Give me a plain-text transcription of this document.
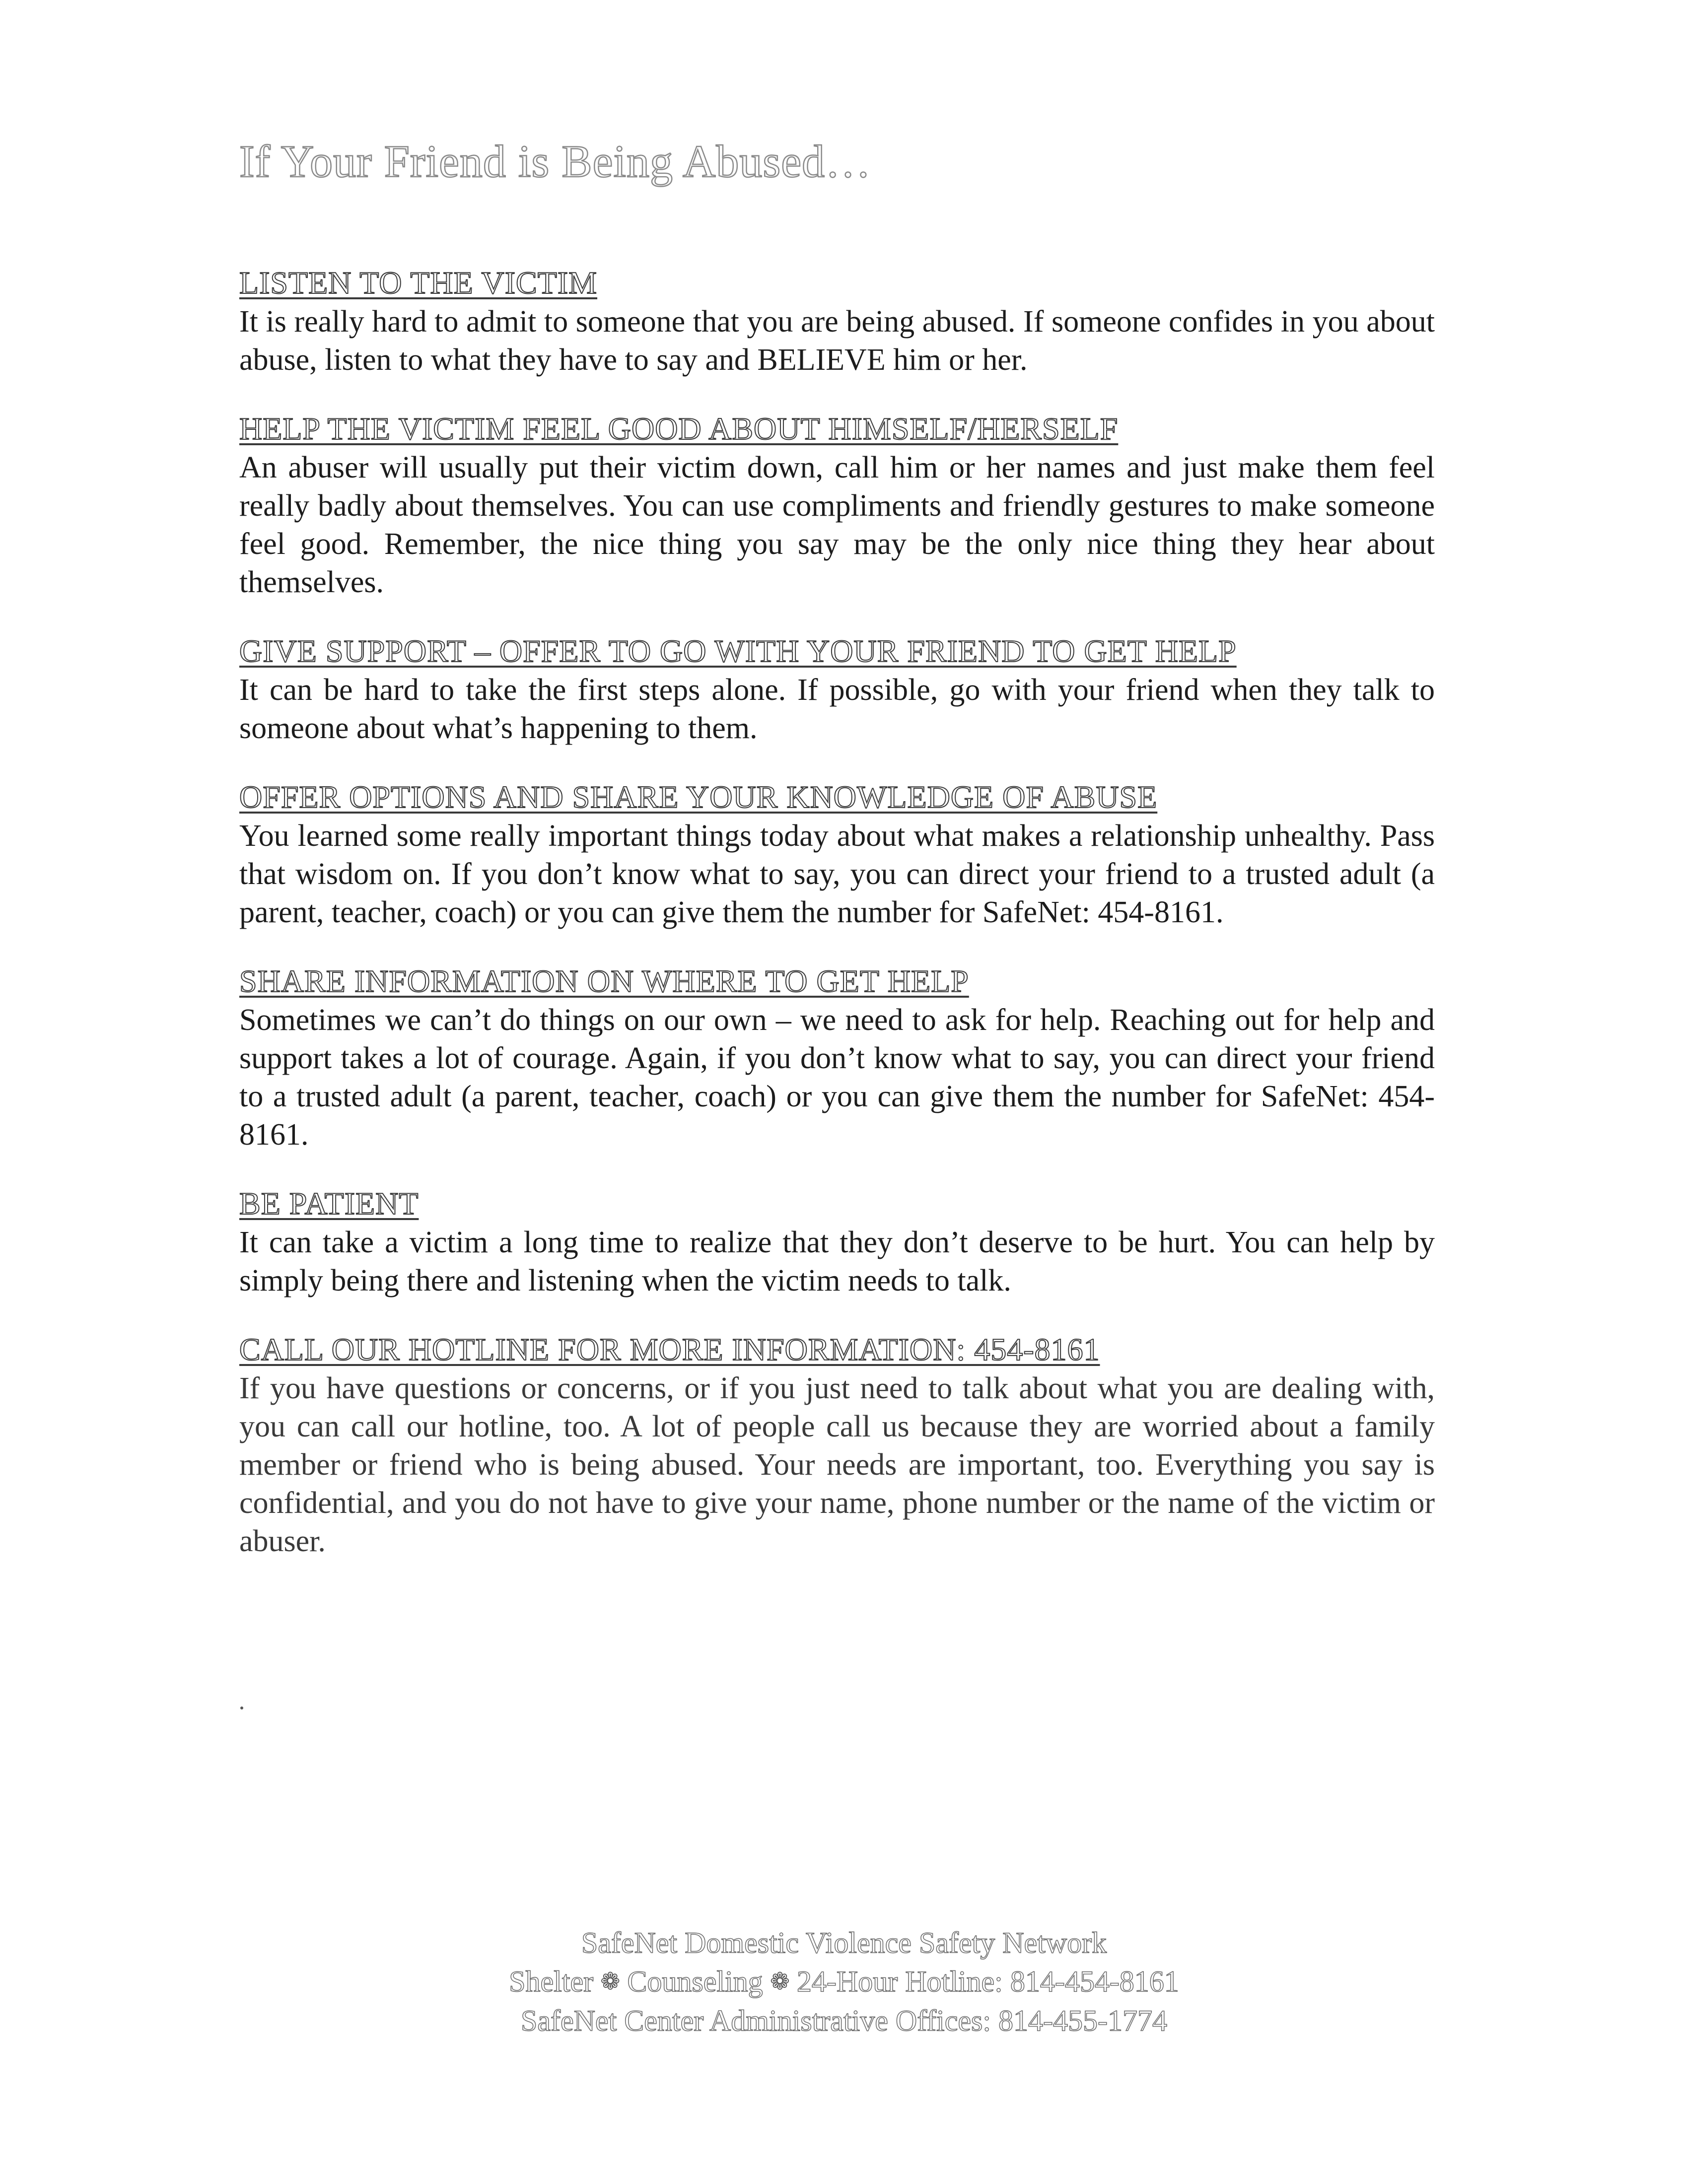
If Your Friend is Being Abused…
LISTEN TO THE VICTIM

It is really hard to admit to someone that you are being abused. If someone confides in you about abuse, listen to what they have to say and BELIEVE him or her.

HELP THE VICTIM FEEL GOOD ABOUT HIMSELF/HERSELF

An abuser will usually put their victim down, call him or her names and just make them feel really badly about themselves. You can use compliments and friendly gestures to make someone feel good. Remember, the nice thing you say may be the only nice thing they hear about themselves.

GIVE SUPPORT – OFFER TO GO WITH YOUR FRIEND TO GET HELP

It can be hard to take the first steps alone. If possible, go with your friend when they talk to someone about what’s happening to them.

OFFER OPTIONS AND SHARE YOUR KNOWLEDGE OF ABUSE

You learned some really important things today about what makes a relationship unhealthy. Pass that wisdom on. If you don’t know what to say, you can direct your friend to a trusted adult (a parent, teacher, coach) or you can give them the number for SafeNet: 454-8161.

SHARE INFORMATION ON WHERE TO GET HELP

Sometimes we can’t do things on our own – we need to ask for help. Reaching out for help and support takes a lot of courage. Again, if you don’t know what to say, you can direct your friend to a trusted adult (a parent, teacher, coach) or you can give them the number for SafeNet: 454-8161.

BE PATIENT

It can take a victim a long time to realize that they don’t deserve to be hurt. You can help by simply being there and listening when the victim needs to talk.

CALL OUR HOTLINE FOR MORE INFORMATION: 454-8161

If you have questions or concerns, or if you just need to talk about what you are dealing with, you can call our hotline, too. A lot of people call us because they are worried about a family member or friend who is being abused. Your needs are important, too. Everything you say is confidential, and you do not have to give your name, phone number or the name of the victim or abuser.

SafeNet Domestic Violence Safety Network
Shelter ❁ Counseling ❁ 24-Hour Hotline: 814-454-8161
SafeNet Center Administrative Offices: 814-455-1774
